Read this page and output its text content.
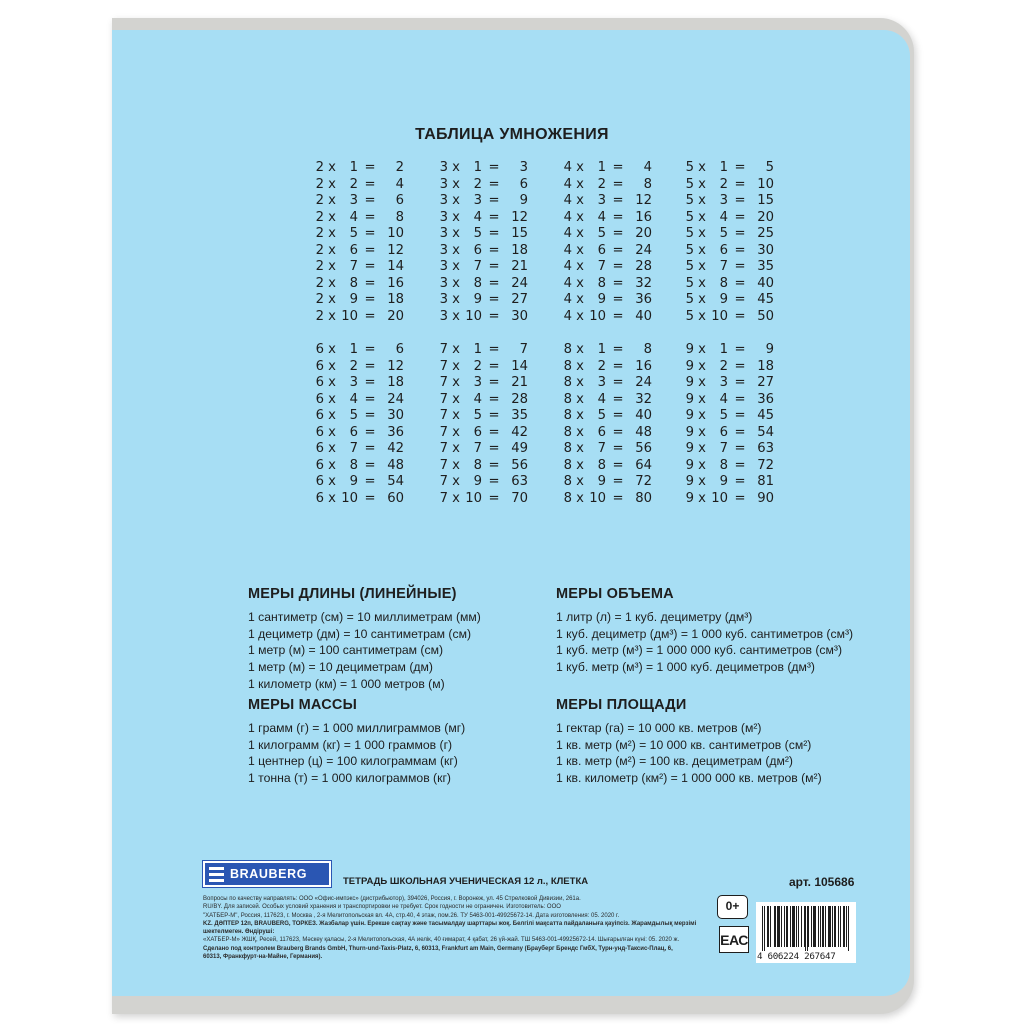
ТАБЛИЦА УМНОЖЕНИЯ
2 x 1 = 2
2 x 2 = 4
2 x 3 = 6
2 x 4 = 8
2 x 5 = 10
2 x 6 = 12
2 x 7 = 14
2 x 8 = 16
2 x 9 = 18
2 x 10 = 20
3 x 1 = 3
3 x 2 = 6
3 x 3 = 9
3 x 4 = 12
3 x 5 = 15
3 x 6 = 18
3 x 7 = 21
3 x 8 = 24
3 x 9 = 27
3 x 10 = 30
4 x 1 = 4
4 x 2 = 8
4 x 3 = 12
4 x 4 = 16
4 x 5 = 20
4 x 6 = 24
4 x 7 = 28
4 x 8 = 32
4 x 9 = 36
4 x 10 = 40
5 x 1 = 5
5 x 2 = 10
5 x 3 = 15
5 x 4 = 20
5 x 5 = 25
5 x 6 = 30
5 x 7 = 35
5 x 8 = 40
5 x 9 = 45
5 x 10 = 50
6 x 1 = 6
6 x 2 = 12
6 x 3 = 18
6 x 4 = 24
6 x 5 = 30
6 x 6 = 36
6 x 7 = 42
6 x 8 = 48
6 x 9 = 54
6 x 10 = 60
7 x 1 = 7
7 x 2 = 14
7 x 3 = 21
7 x 4 = 28
7 x 5 = 35
7 x 6 = 42
7 x 7 = 49
7 x 8 = 56
7 x 9 = 63
7 x 10 = 70
8 x 1 = 8
8 x 2 = 16
8 x 3 = 24
8 x 4 = 32
8 x 5 = 40
8 x 6 = 48
8 x 7 = 56
8 x 8 = 64
8 x 9 = 72
8 x 10 = 80
9 x 1 = 9
9 x 2 = 18
9 x 3 = 27
9 x 4 = 36
9 x 5 = 45
9 x 6 = 54
9 x 7 = 63
9 x 8 = 72
9 x 9 = 81
9 x 10 = 90
МЕРЫ ДЛИНЫ (ЛИНЕЙНЫЕ)
1 сантиметр (см) = 10 миллиметрам (мм)
1 дециметр (дм) = 10 сантиметрам (см)
1 метр (м) = 100 сантиметрам (см)
1 метр (м) = 10 дециметрам (дм)
1 километр (км) = 1 000 метров (м)
МЕРЫ МАССЫ
1 грамм (г) = 1 000 миллиграммов (мг)
1 килограмм (кг) = 1 000 граммов (г)
1 центнер (ц) = 100 килограммам (кг)
1 тонна (т) = 1 000 килограммов (кг)
МЕРЫ ОБЪЕМА
1 литр (л) = 1 куб. дециметру (дм³)
1 куб. дециметр (дм³) = 1 000 куб. сантиметров (см³)
1 куб. метр (м³) = 1 000 000 куб. сантиметров (см³)
1 куб. метр (м³) = 1 000 куб. дециметров (дм³)
МЕРЫ ПЛОЩАДИ
1 гектар (га) = 10 000 кв. метров (м²)
1 кв. метр (м²) = 10 000 кв. сантиметров (см²)
1 кв. метр (м²) = 100 кв. дециметрам (дм²)
1 кв. километр (км²) = 1 000 000 кв. метров (м²)
BRAUBERG
ТЕТРАДЬ ШКОЛЬНАЯ УЧЕНИЧЕСКАЯ 12 л., КЛЕТКА	арт. 105686
Вопросы по качеству направлять: ООО «Офис-импэкс» (дистрибьютор), 394026, Россия, г. Воронеж, ул. 45 Стрелковой Дивизии, 261а.
RU/BY. Для записей. Особых условий хранения и транспортировки не требует. Срок годности не ограничен. Изготовитель: ООО
"ХАТБЕР-М", Россия, 117623, г. Москва , 2-я Мелитопольская вл. 4А, стр.40, 4 этаж, пом.26. ТУ 5463-001-49925672-14. Дата изготовления: 05. 2020 г.
KZ. ДӘПТЕР 12п, BRAUBERG, ТОРКЕЗ. Жазбалар үшін. Ерекше сақтау және тасымалдау шарттары жоқ. Белгілі мақсатта пайдаланыға қауіпсіз. Жарамдылық мерзімі шектелмеген. Өндіруші:
«ХАТБЕР-М» ЖШҚ, Ресей, 117623, Мәскеу қаласы, 2-я Мелитопольская, 4А иелік, 40 ғимарат, 4 қабат, 26 үй-жай. ТШ 5463-001-49925672-14. Шығарылған күні: 05. 2020 ж.
Сделано под контролем Brauberg Brands GmbH, Thurn-und-Taxis-Platz, 6, 60313, Frankfurt am Main, Germany (Брауберг Брендс ГмбХ, Турн-унд-Таксис-Плац, 6,
60313, Франкфурт-на-Майне, Германия).
0+
ЕАС
4 606224 267647
